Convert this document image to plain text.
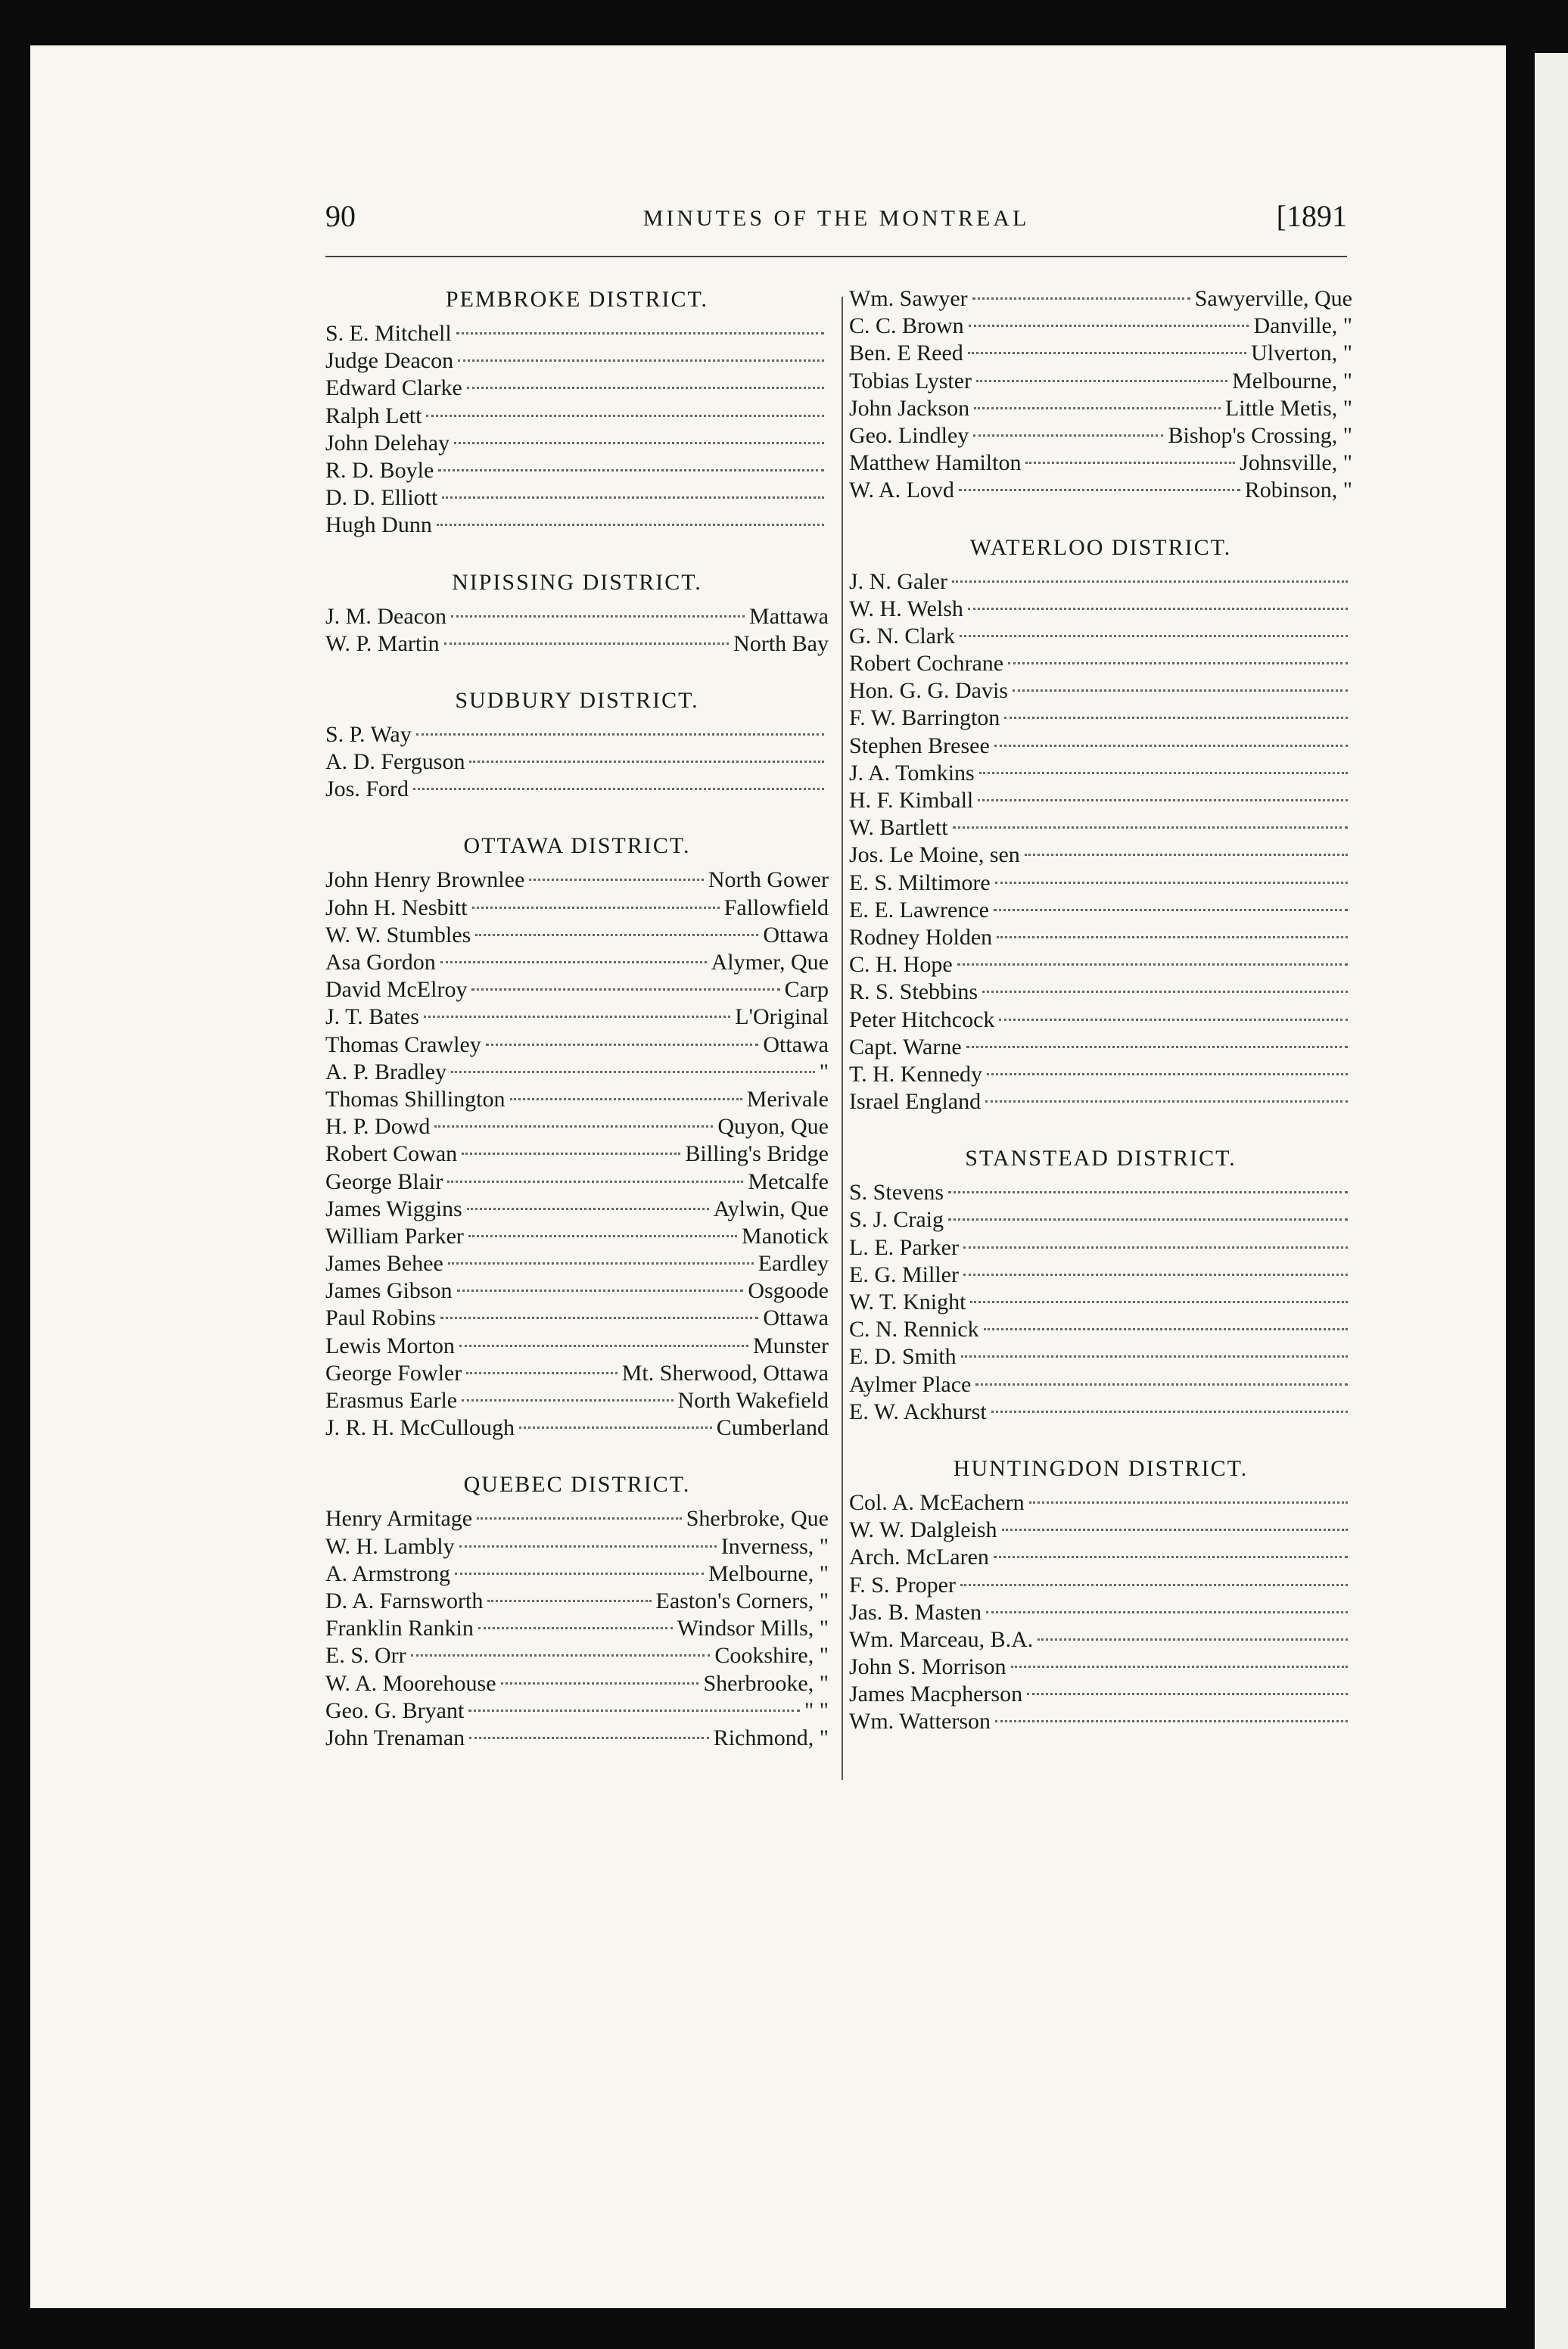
90	MINUTES OF THE MONTREAL	[1891
PEMBROKE DISTRICT.
S. E. Mitchell
Judge Deacon
Edward Clarke
Ralph Lett
John Delehay
R. D. Boyle
D. D. Elliott
Hugh Dunn
NIPISSING DISTRICT.
J. M. Deacon	Mattawa
W. P. Martin	North Bay
SUDBURY DISTRICT.
S. P. Way
A. D. Ferguson
Jos. Ford
OTTAWA DISTRICT.
John Henry Brownlee	North Gower
John H. Nesbitt	Fallowfield
W. W. Stumbles	Ottawa
Asa Gordon	Alymer, Que
David McElroy	Carp
J. T. Bates	L'Original
Thomas Crawley	Ottawa
A. P. Bradley	"
Thomas Shillington	Merivale
H. P. Dowd	Quyon, Que
Robert Cowan	Billing's Bridge
George Blair	Metcalfe
James Wiggins	Aylwin, Que
William Parker	Manotick
James Behee	Eardley
James Gibson	Osgoode
Paul Robins	Ottawa
Lewis Morton	Munster
George Fowler	Mt. Sherwood, Ottawa
Erasmus Earle	North Wakefield
J. R. H. McCullough	Cumberland
QUEBEC DISTRICT.
Henry Armitage	Sherbroke, Que
W. H. Lambly	Inverness, "
A. Armstrong	Melbourne, "
D. A. Farnsworth	Easton's Corners, "
Franklin Rankin	Windsor Mills, "
E. S. Orr	Cookshire, "
W. A. Moorehouse	Sherbrooke, "
Geo. G. Bryant	" "
John Trenaman	Richmond, "
Wm. Sawyer	Sawyerville, Que
C. C. Brown	Danville, "
Ben. E Reed	Ulverton, "
Tobias Lyster	Melbourne, "
John Jackson	Little Metis, "
Geo. Lindley	Bishop's Crossing, "
Matthew Hamilton	Johnsville, "
W. A. Lovd	Robinson, "
WATERLOO DISTRICT.
J. N. Galer
W. H. Welsh
G. N. Clark
Robert Cochrane
Hon. G. G. Davis
F. W. Barrington
Stephen Bresee
J. A. Tomkins
H. F. Kimball
W. Bartlett
Jos. Le Moine, sen
E. S. Miltimore
E. E. Lawrence
Rodney Holden
C. H. Hope
R. S. Stebbins
Peter Hitchcock
Capt. Warne
T. H. Kennedy
Israel England
STANSTEAD DISTRICT.
S. Stevens
S. J. Craig
L. E. Parker
E. G. Miller
W. T. Knight
C. N. Rennick
E. D. Smith
Aylmer Place
E. W. Ackhurst
HUNTINGDON DISTRICT.
Col. A. McEachern
W. W. Dalgleish
Arch. McLaren
F. S. Proper
Jas. B. Masten
Wm. Marceau, B.A.
John S. Morrison
James Macpherson
Wm. Watterson
